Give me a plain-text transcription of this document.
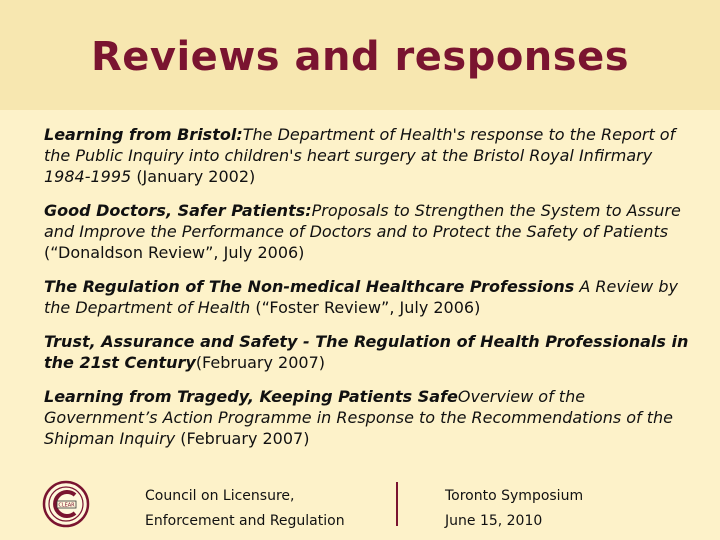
Reviews and responses

Learning from Bristol:The Department of Health's response to the Report of the Public Inquiry into children's heart surgery at the Bristol Royal Infirmary 1984-1995 (January 2002)

Good Doctors, Safer Patients:Proposals to Strengthen the System to Assure and Improve the Performance of Doctors and to Protect the Safety of Patients (“Donaldson Review”, July 2006)

The Regulation of The Non-medical Healthcare Professions A Review by the Department of Health (“Foster Review”, July 2006)

Trust, Assurance and Safety - The Regulation of Health Professionals in the 21st Century(February 2007)

Learning from Tragedy, Keeping Patients SafeOverview of the Government’s Action Programme in Response to the Recommendations of the Shipman Inquiry (February 2007)

CLEAR
Council on Licensure,
Enforcement and Regulation
Toronto Symposium
June 15, 2010
